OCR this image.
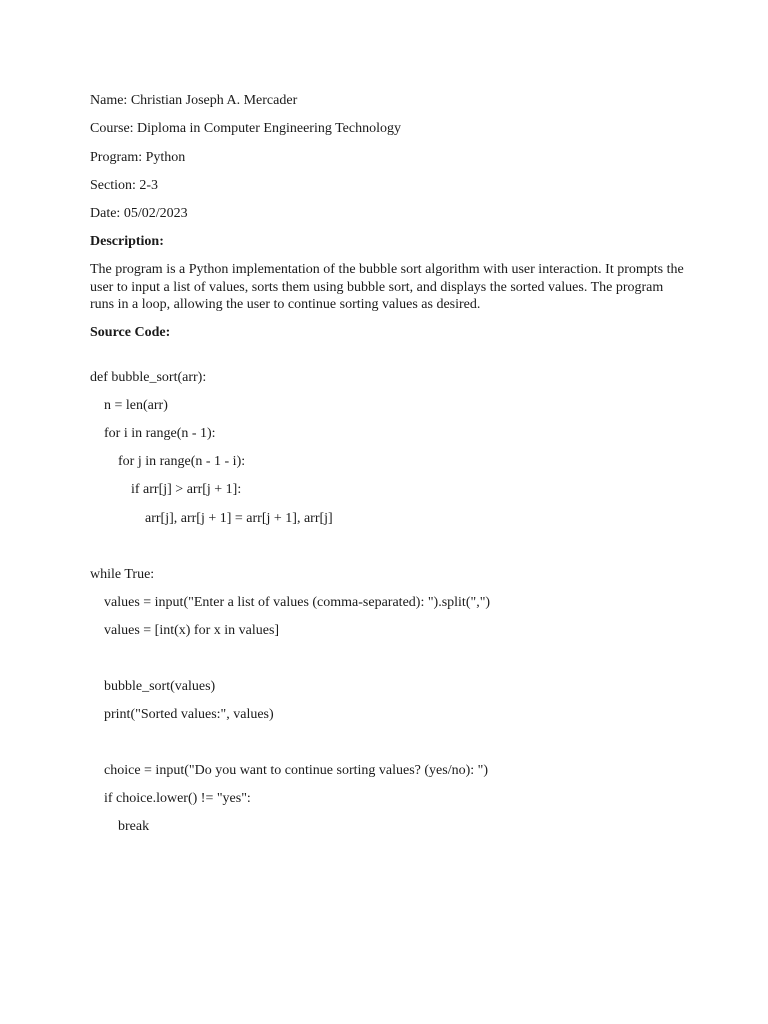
Name: Christian Joseph A. Mercader
Course: Diploma in Computer Engineering Technology
Program: Python
Section: 2-3
Date: 05/02/2023
Description:
The program is a Python implementation of the bubble sort algorithm with user interaction. It prompts the
user to input a list of values, sorts them using bubble sort, and displays the sorted values. The program
runs in a loop, allowing the user to continue sorting values as desired.
Source Code:
def bubble_sort(arr):
n = len(arr)
for i in range(n - 1):
for j in range(n - 1 - i):
if arr[j] > arr[j + 1]:
arr[j], arr[j + 1] = arr[j + 1], arr[j]
while True:
values = input("Enter a list of values (comma-separated): ").split(",")
values = [int(x) for x in values]
bubble_sort(values)
print("Sorted values:", values)
choice = input("Do you want to continue sorting values? (yes/no): ")
if choice.lower() != "yes":
break
